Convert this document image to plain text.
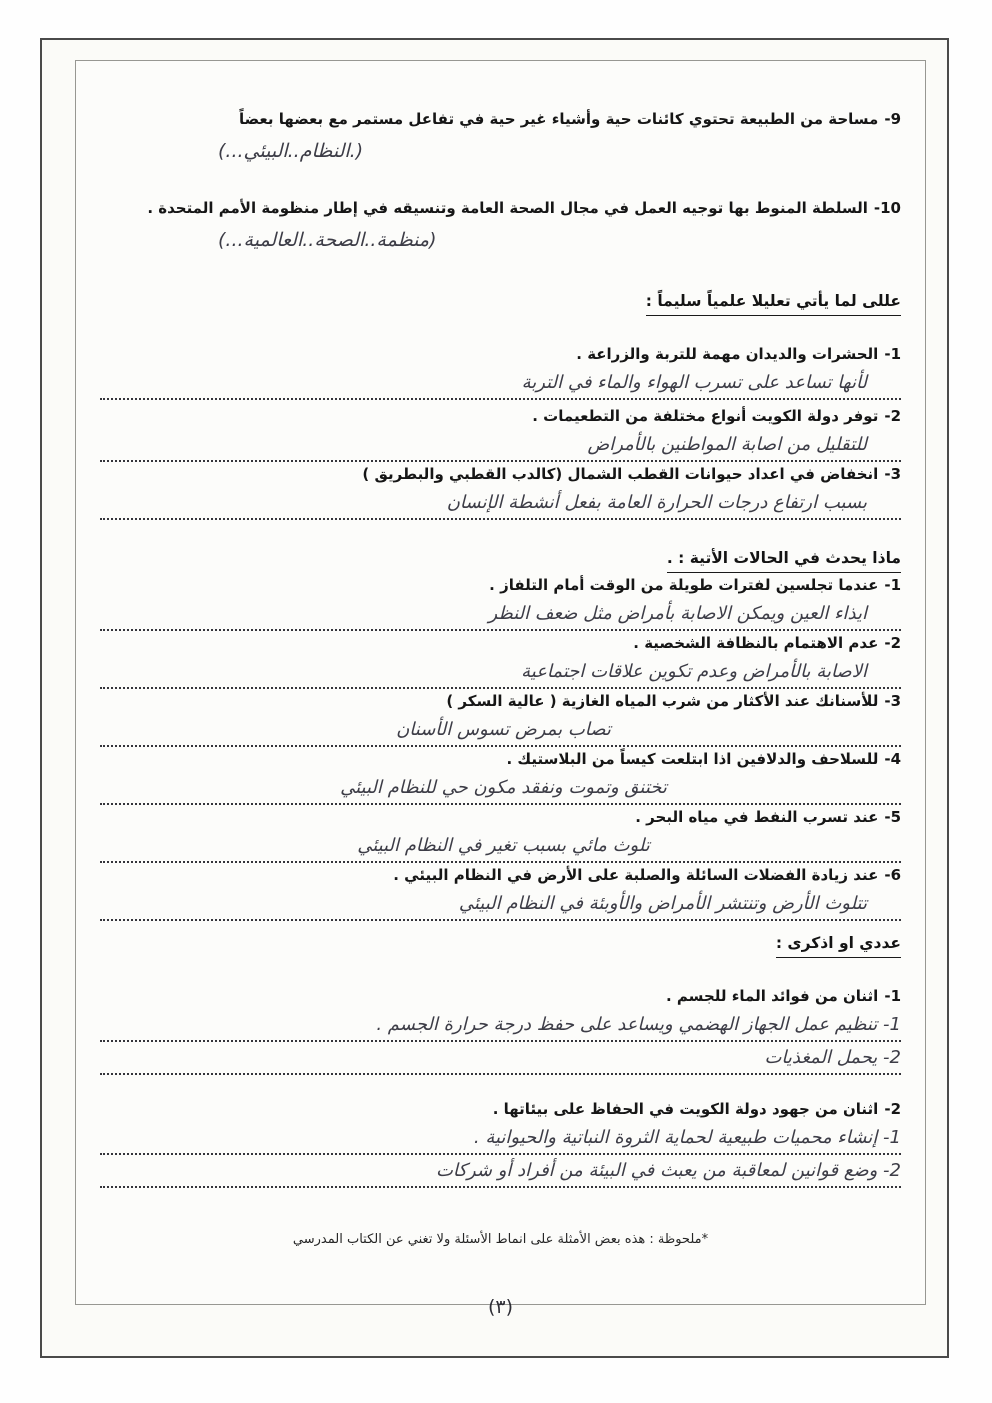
9-مساحة من الطبيعة تحتوي كائنات حية وأشياء غير حية في تفاعل مستمر مع بعضها بعضاً
(.النظام..البيئي...)
10-السلطة المنوط بها توجيه العمل في مجال الصحة العامة وتنسيقه في إطار منظومة الأمم المتحدة .
(منظمة..الصحة..العالمية...)
عللى لما يأتي تعليلا علمياً سليماً :
1-الحشرات والديدان مهمة للتربة والزراعة .
لأنها تساعد على تسرب الهواء والماء في التربة
2-توفر دولة الكويت أنواع مختلفة من التطعيمات .
للتقليل من اصابة المواطنين بالأمراض
3-انخفاض في اعداد حيوانات القطب الشمال (كالدب القطبي والبطريق )
بسبب ارتفاع درجات الحرارة العامة بفعل أنشطة الإنسان
ماذا يحدث في الحالات الأتية : .
1-عندما تجلسين لفترات طويلة من الوقت أمام التلفاز .
ايذاء العين ويمكن الاصابة بأمراض مثل ضعف النظر
2-عدم الاهتمام بالنظافة الشخصية .
الاصابة بالأمراض وعدم تكوين علاقات اجتماعية
3-للأسنانك عند الأكثار من شرب المياه الغازية ( عالية السكر )
تصاب بمرض تسوس الأسنان
4-للسلاحف والدلافين اذا ابتلعت كيساً من البلاستيك .
تختنق وتموت ونفقد مكون حي للنظام البيئي
5-عند تسرب النفط في مياه البحر .
تلوث مائي بسبب تغير في النظام البيئي
6-عند زيادة الفضلات السائلة والصلبة على الأرض في النظام البيئي .
تتلوث الأرض وتنتشر الأمراض والأوبئة في النظام البيئي
عددي او اذكرى :
1-اثنان من فوائد الماء للجسم .
1- تنظيم عمل الجهاز الهضمي ويساعد على حفظ درجة حرارة الجسم .
2- يحمل المغذيات
2-اثنان من جهود دولة الكويت في الحفاظ على بيئاتها .
1- إنشاء محميات طبيعية لحماية الثروة النباتية والحيوانية .
2- وضع قوانين لمعاقبة من يعبث في البيئة من أفراد أو شركات
*ملحوظة : هذه بعض الأمثلة على انماط الأسئلة ولا تغني عن الكتاب المدرسي
(٣)
